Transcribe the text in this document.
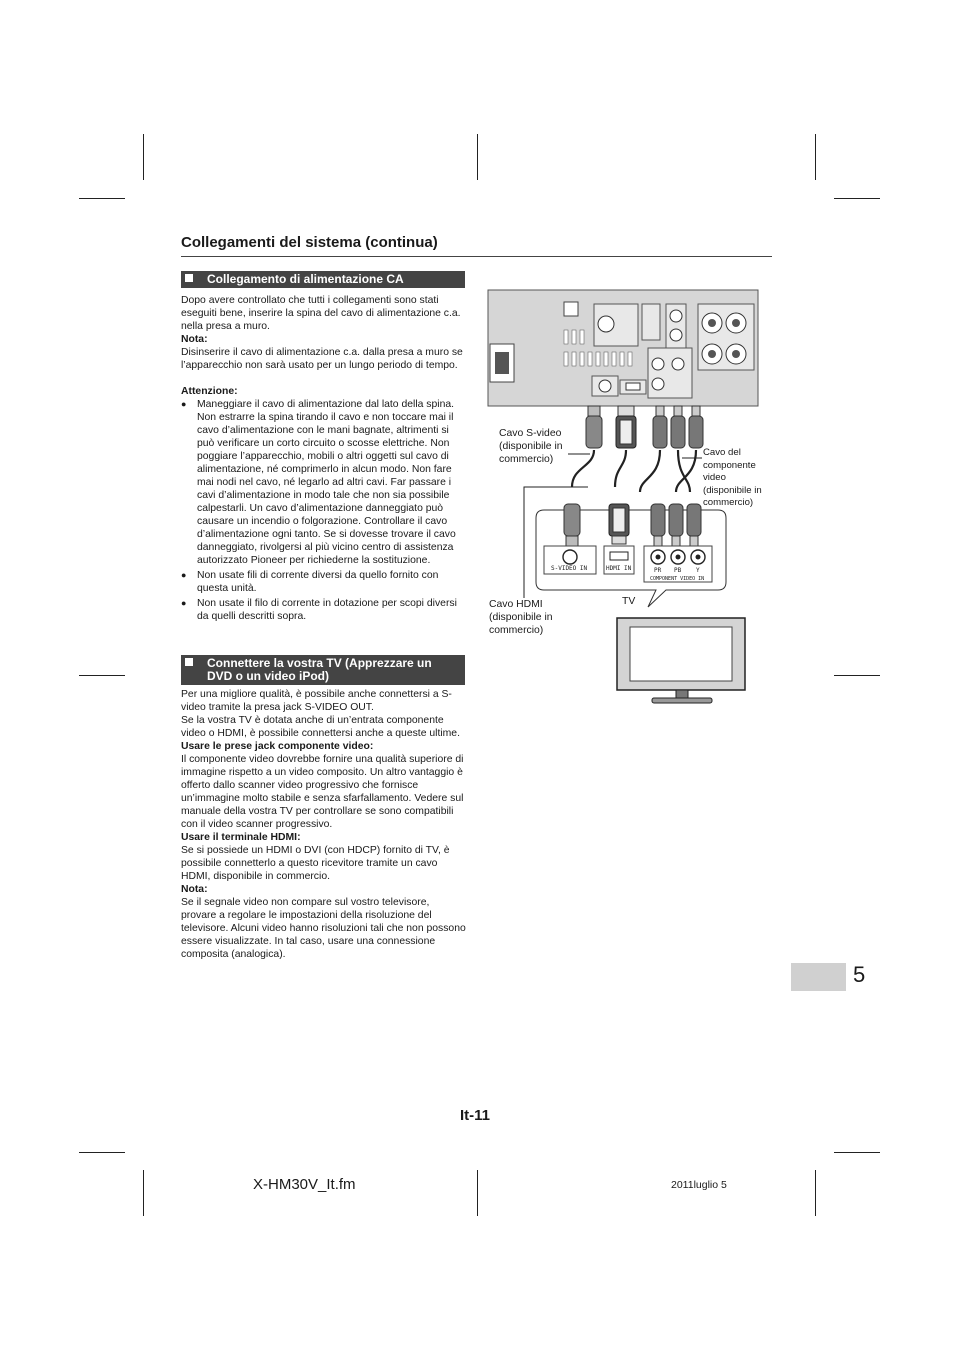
Collegamenti del sistema (continua)
Collegamento di alimentazione CA

Dopo avere controllato che tutti i collegamenti sono stati eseguiti bene, inserire la spina del cavo di alimentazione c.a. nella presa a muro.

Nota:

Disinserire il cavo di alimentazione c.a. dalla presa a muro se l’apparecchio non sarà usato per un lungo periodo di tempo.

Attenzione:

● Maneggiare il cavo di alimentazione dal lato della spina. Non estrarre la spina tirando il cavo e non toccare mai il cavo d’alimentazione con le mani bagnate, altrimenti si può verificare un corto circuito o scosse elettriche. Non poggiare l’apparecchio, mobili o altri oggetti sul cavo di alimentazione, né comprimerlo in alcun modo. Non fare mai nodi nel cavo, né legarlo ad altri cavi. Far passare i cavi d’alimentazione in modo tale che non sia possibile calpestarli. Un cavo d’alimentazione danneggiato può causare un incendio o folgorazione. Controllare il cavo d’alimentazione ogni tanto. Se si dovesse trovare il cavo danneggiato, rivolgersi al più vicino centro di assistenza autorizzato Pioneer per richiederne la sostituzione.

● Non usate fili di corrente diversi da quello fornito con questa unità.

● Non usate il filo di corrente in dotazione per scopi diversi da quelli descritti sopra.

Connettere la vostra TV (Apprezzare un DVD o un video iPod)

Per una migliore qualità, è possibile anche connettersi a S-video tramite la presa jack S-VIDEO OUT.

Se la vostra TV è dotata anche di un’entrata componente video o HDMI, è possibile connettersi anche a queste ultime.

Usare le prese jack componente video:

Il componente video dovrebbe fornire una qualità superiore di immagine rispetto a un video composito. Un altro vantaggio è offerto dallo scanner video progressivo che fornisce un’immagine molto stabile e senza sfarfallamento. Vedere sul manuale della vostra TV per controllare se sono compatibili con il video scanner progressivo.

Usare il terminale HDMI:

Se si possiede un HDMI o DVI (con HDCP) fornito di TV, è possibile connetterlo a questo ricevitore tramite un cavo HDMI, disponibile in commercio.

Nota:

Se il segnale video non compare sul vostro televisore, provare a regolare le impostazioni della risoluzione del televisore. Alcuni video hanno risoluzioni tali che non possono essere visualizzate. In tal caso, usare una connessione composita (analogica).

S-VIDEO IN	HDMI IN	PR PB Y
COMPONENT VIDEO IN
Cavo S-video (disponibile in commercio)
Cavo del componente video (disponibile in commercio)
Cavo HDMI (disponibile in commercio)
TV
5
It-11
X-HM30V_It.fm	2011luglio 5
